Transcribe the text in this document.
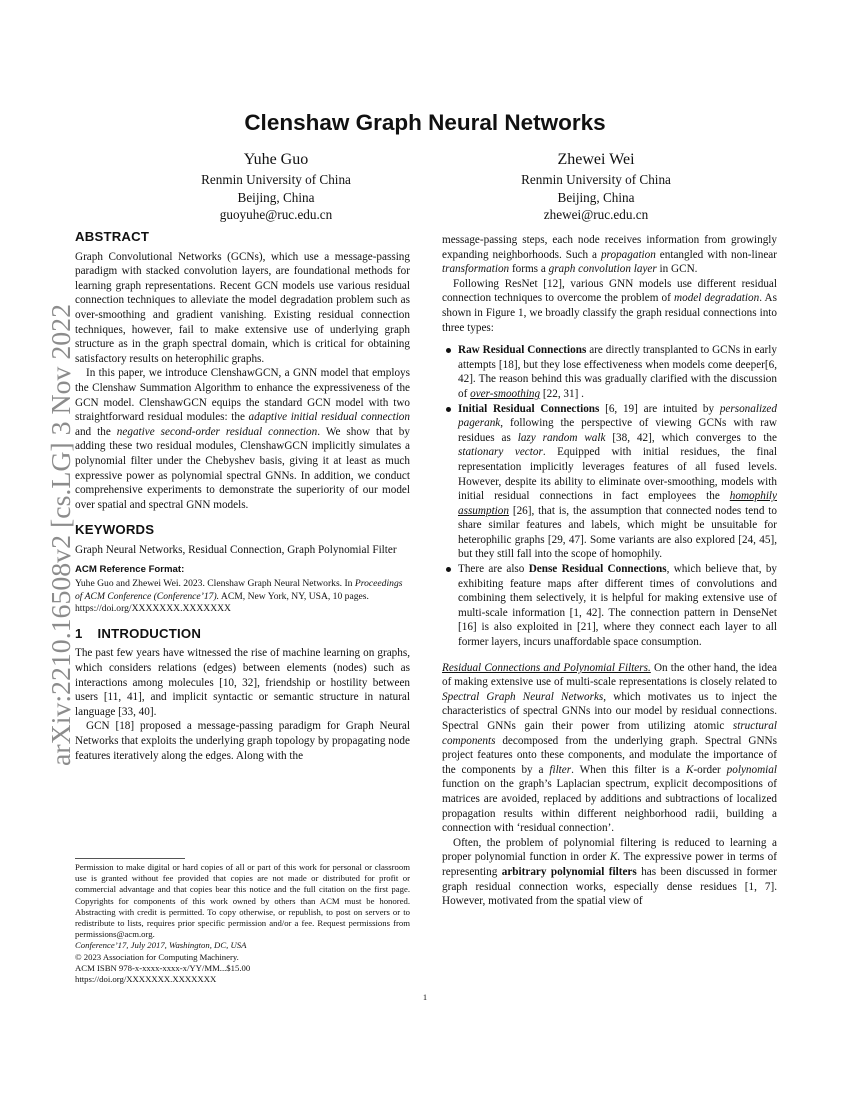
arXiv:2210.16508v2 [cs.LG] 3 Nov 2022
Clenshaw Graph Neural Networks
Yuhe Guo
Renmin University of China
Beijing, China
guoyuhe@ruc.edu.cn
Zhewei Wei
Renmin University of China
Beijing, China
zhewei@ruc.edu.cn
ABSTRACT

Graph Convolutional Networks (GCNs), which use a message-passing paradigm with stacked convolution layers, are foundational methods for learning graph representations. Recent GCN models use various residual connection techniques to alleviate the model degradation problem such as over-smoothing and gradient vanishing. Existing residual connection techniques, however, fail to make extensive use of underlying graph structure as in the graph spectral domain, which is critical for obtaining satisfactory results on heterophilic graphs.

In this paper, we introduce ClenshawGCN, a GNN model that employs the Clenshaw Summation Algorithm to enhance the expressiveness of the GCN model. ClenshawGCN equips the standard GCN model with two straightforward residual modules: the adaptive initial residual connection and the negative second-order residual connection. We show that by adding these two residual modules, ClenshawGCN implicitly simulates a polynomial filter under the Chebyshev basis, giving it at least as much expressive power as polynomial spectral GNNs. In addition, we conduct comprehensive experiments to demonstrate the superiority of our model over spatial and spectral GNN models.

KEYWORDS

Graph Neural Networks, Residual Connection, Graph Polynomial Filter

ACM Reference Format:
Yuhe Guo and Zhewei Wei. 2023. Clenshaw Graph Neural Networks. In Proceedings of ACM Conference (Conference’17). ACM, New York, NY, USA, 10 pages. https://doi.org/XXXXXXX.XXXXXXX
1 INTRODUCTION

The past few years have witnessed the rise of machine learning on graphs, which considers relations (edges) between elements (nodes) such as interactions among molecules [10, 32], friendship or hostility between users [11, 41], and implicit syntactic or semantic structure in natural language [33, 40].

GCN [18] proposed a message-passing paradigm for Graph Neural Networks that exploits the underlying graph topology by propagating node features iteratively along the edges. Along with the

Permission to make digital or hard copies of all or part of this work for personal or classroom use is granted without fee provided that copies are not made or distributed for profit or commercial advantage and that copies bear this notice and the full citation on the first page. Copyrights for components of this work owned by others than ACM must be honored. Abstracting with credit is permitted. To copy otherwise, or republish, to post on servers or to redistribute to lists, requires prior specific permission and/or a fee. Request permissions from permissions@acm.org.
Conference’17, July 2017, Washington, DC, USA
© 2023 Association for Computing Machinery.
ACM ISBN 978-x-xxxx-xxxx-x/YY/MM...$15.00
https://doi.org/XXXXXXX.XXXXXXX

message-passing steps, each node receives information from growingly expanding neighborhoods. Such a propagation entangled with non-linear transformation forms a graph convolution layer in GCN.

Following ResNet [12], various GNN models use different residual connection techniques to overcome the problem of model degradation. As shown in Figure 1, we broadly classify the graph residual connections into three types:

Raw Residual Connections are directly transplanted to GCNs in early attempts [18], but they lose effectiveness when models come deeper[6, 42]. The reason behind this was gradually clarified with the discussion of over-smoothing [22, 31] .
Initial Residual Connections [6, 19] are intuited by personalized pagerank, following the perspective of viewing GCNs with raw residues as lazy random walk [38, 42], which converges to the stationary vector. Equipped with initial residues, the final representation implicitly leverages features of all fused levels. However, despite its ability to eliminate over-smoothing, models with initial residual connections in fact employees the homophily assumption [26], that is, the assumption that connected nodes tend to share similar features and labels, which might be unsuitable for heterophilic graphs [29, 47]. Some variants are also explored [24, 45], but they still fall into the scope of homophily.
There are also Dense Residual Connections, which believe that, by exhibiting feature maps after different times of convolutions and combining them selectively, it is helpful for making extensive use of multi-scale information [1, 42]. The connection pattern in DenseNet [16] is also exploited in [21], where they connect each layer to all former layers, incurs unaffordable space consumption.

Residual Connections and Polynomial Filters. On the other hand, the idea of making extensive use of multi-scale representations is closely related to Spectral Graph Neural Networks, which motivates us to inject the characteristics of spectral GNNs into our model by residual connections. Spectral GNNs gain their power from utilizing atomic structural components decomposed from the underlying graph. Spectral GNNs project features onto these components, and modulate the importance of the components by a filter. When this filter is a K-order polynomial function on the graph’s Laplacian spectrum, explicit decompositions of matrices are avoided, replaced by additions and subtractions of localized propagation results within different neighborhood radii, building a connection with ‘residual connection’.

Often, the problem of polynomial filtering is reduced to learning a proper polynomial function in order K. The expressive power in terms of representing arbitrary polynomial filters has been discussed in former graph residual connection works, especially dense residues [1, 7]. However, motivated from the spatial view of

1
